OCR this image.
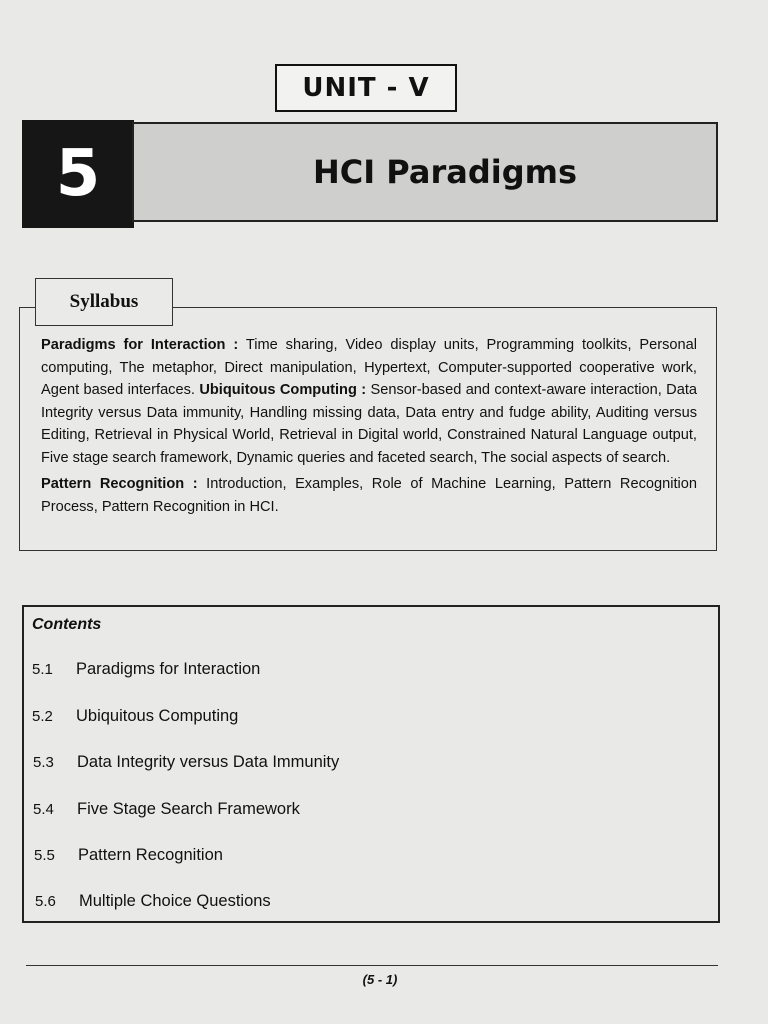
UNIT - V
5	HCI Paradigms
Syllabus

Paradigms for Interaction : Time sharing, Video display units, Programming toolkits, Personal computing, The metaphor, Direct manipulation, Hypertext, Computer-supported cooperative work, Agent based interfaces. Ubiquitous Computing : Sensor-based and context-aware interaction, Data Integrity versus Data immunity, Handling missing data, Data entry and fudge ability, Auditing versus Editing, Retrieval in Physical World, Retrieval in Digital world, Constrained Natural Language output, Five stage search framework, Dynamic queries and faceted search, The social aspects of search.

Pattern Recognition : Introduction, Examples, Role of Machine Learning, Pattern Recognition Process, Pattern Recognition in HCI.

Contents
5.1 Paradigms for Interaction
5.2 Ubiquitous Computing
5.3 Data Integrity versus Data Immunity
5.4 Five Stage Search Framework
5.5 Pattern Recognition
5.6 Multiple Choice Questions
(5 - 1)
